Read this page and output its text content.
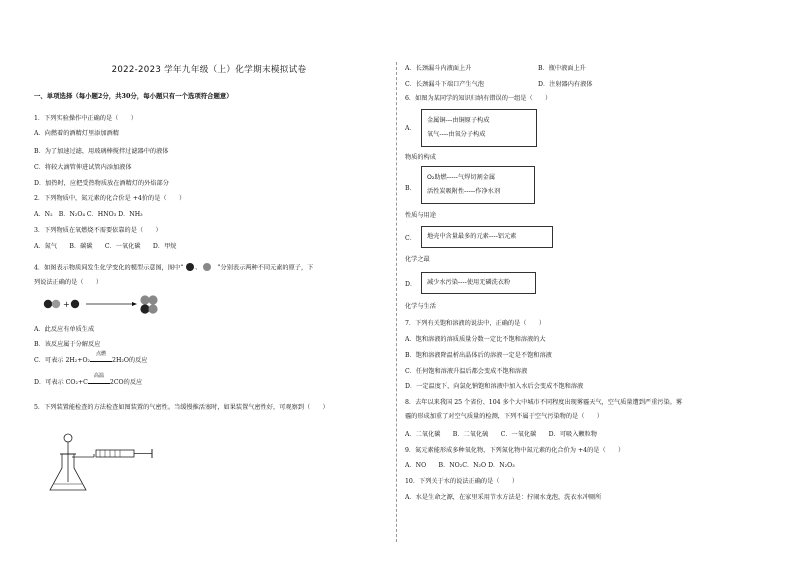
2022-2023 学年九年级（上）化学期末模拟试卷
一、单项选择（每小题2分，共30分，每小题只有一个选项符合题意）
1．下列实验操作中正确的是（　　）
A．向燃着的酒精灯里添加酒精
B．为了加速过滤，用玻璃棒搅拌过滤器中的液体
C．将较大滴管伸进试管内添加液体
D．加热时，应把受热物质放在酒精灯的外焰部分
2．下列物质中，氮元素的化合价是 +4价的是（　　）
A．N₂　B．N₂O₄ C．HNO₃ D．NH₃
3．下列物质在氧燃烧不需要依靠的是（　　）
A．氮气　　B．碳碳　　C．一氧化碳　　D．甲烷
4．如图表示物质间发生化学变化的模型示意图，图中“ 、	”分别表示两种不同元素的原子，下
列说法正确的是（　　）
+
A．此反应有单质生成
B．该反应属于分解反应
C．可表示 2H₂+O₂
点燃
2H₂O的反应
D．可表示 CO₂+C
高温
2CO的反应
5．下列装置能检查的方法检查如图装置的气密性。当缓慢推活塞时，如果装置气密性好，可观察到（　　）
A．长颈漏斗内液面上升	B．瓶中液面上升
C．长颈漏斗下端口产生气泡	D．注射器内有液体
6．如图为某同学的知识归纳有错误的一组是（　　）
A．
金属铜---由铜原子构成
氧气----由氧分子构成
物质的构成
B．
O₂助燃-----气焊切割金属
活性炭吸附性-----作净水剂
性质与用途
C． 地壳中含量最多的元素----铝元素
化学之最
D． 减少水污染----使用无磷洗衣粉
化学与生活
7．下列有关饱和溶液的说法中，正确的是（　　）
A．饱和溶液的溶质质量分数一定比不饱和溶液的大
B．饱和溶液降温析出晶体后的溶液一定是不饱和溶液
C．任何饱和溶液升温后都会变成不饱和溶液
D．一定温度下，向氯化钠饱和溶液中加入水后会变成不饱和溶液
8．去年以来我国 25 个省份、104 多个大中城市不同程度出现雾霾天气，空气质量遭到严重污染。雾
霾的形成加重了对空气质量的检测，下列不属于空气污染物的是（　　）
A．二氧化碳　　B．二氧化硫　　C．一氧化碳　　D．可吸入颗粒物
9．氮元素能形成多种氧化物，下列氮化物中氮元素的化合价为 +4的是（　　）
A．NO　　B．NO₂C．N₂O D．N₂O₃
10．下列关于水的说法正确的是（　　）
A．水是生命之源，在家里采用节水方法是：拧闹水龙泡，洗衣水冲厕所
